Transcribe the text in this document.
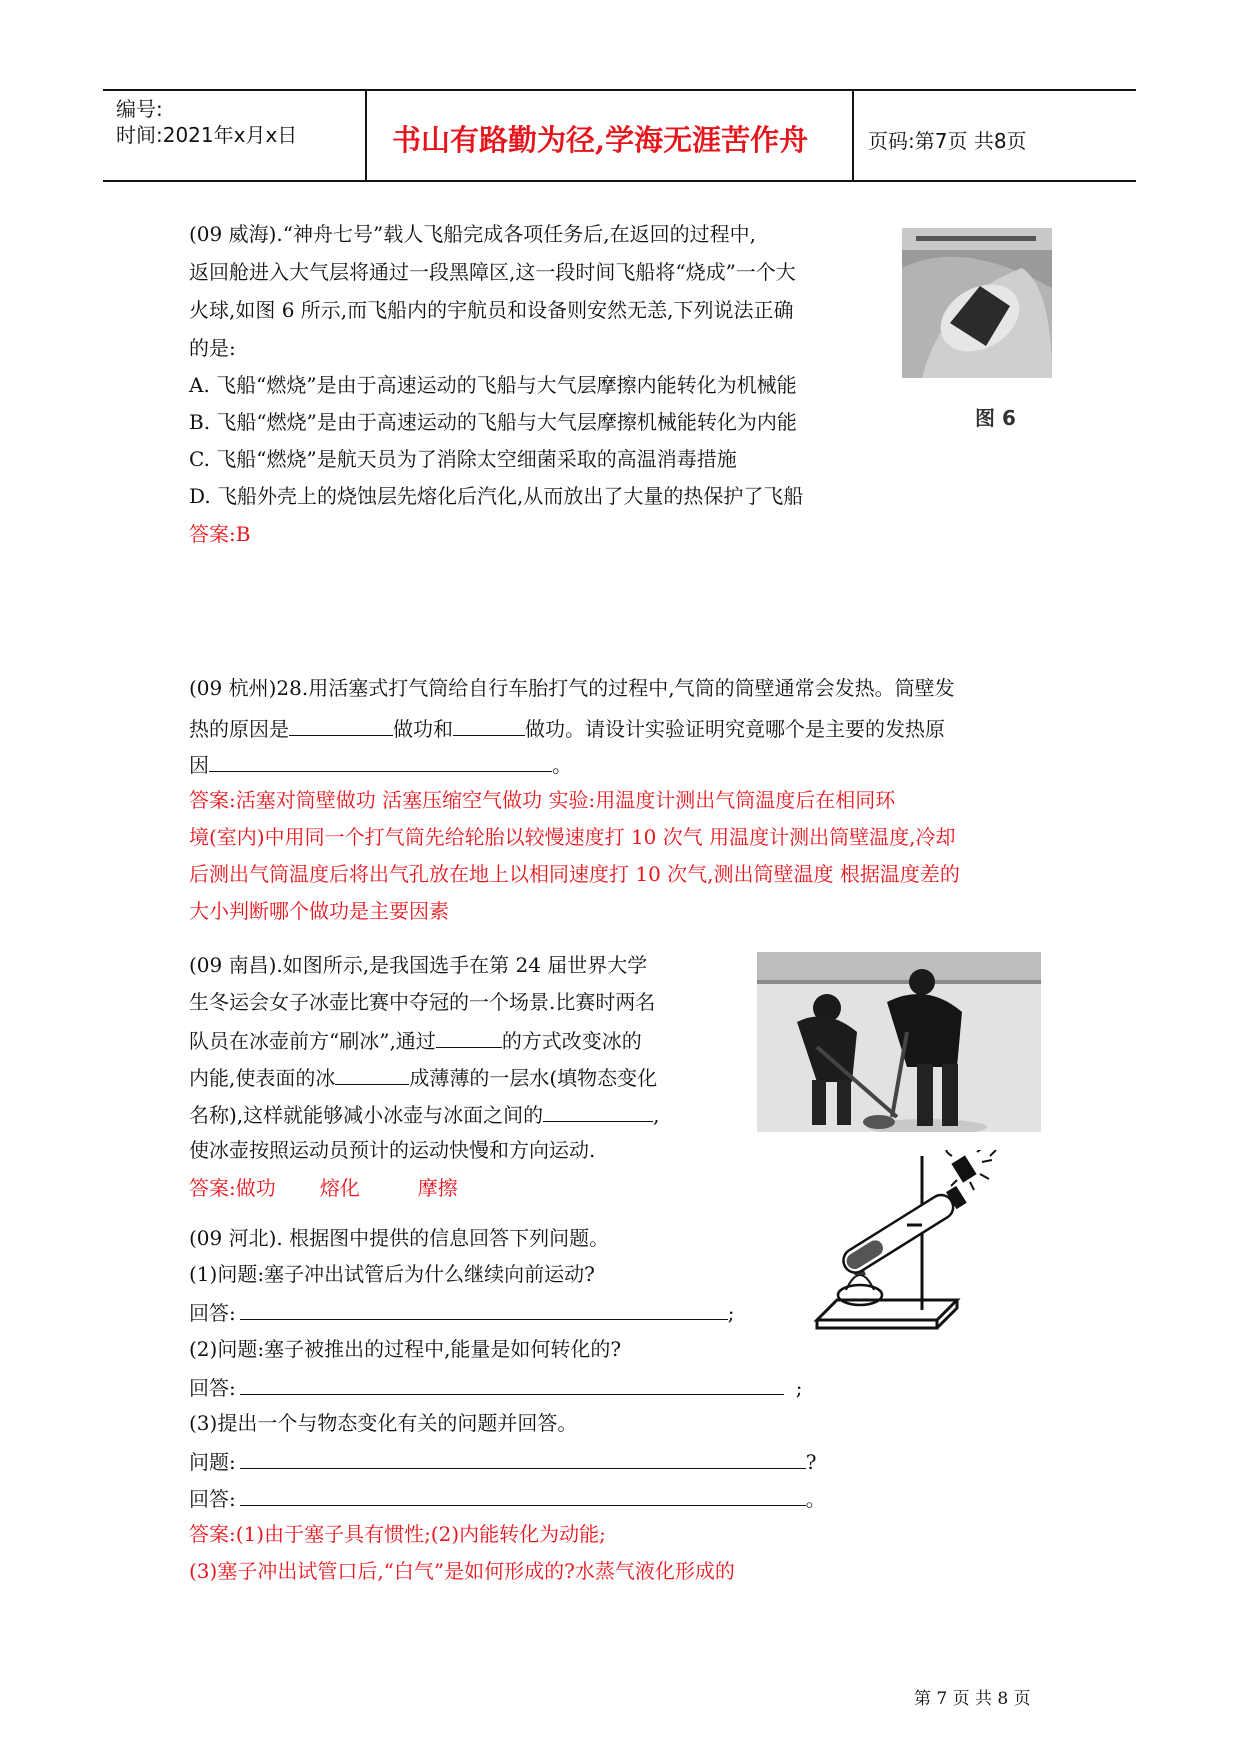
编号:
时间:2021年x月x日	书山有路勤为径,学海无涯苦作舟	页码:第7页 共8页
(09 威海).“神舟七号”载人飞船完成各项任务后,在返回的过程中,
返回舱进入大气层将通过一段黑障区,这一段时间飞船将“烧成”一个大
火球,如图 6 所示,而飞船内的宇航员和设备则安然无恙,下列说法正确
的是:
A. 飞船“燃烧”是由于高速运动的飞船与大气层摩擦内能转化为机械能
B. 飞船“燃烧”是由于高速运动的飞船与大气层摩擦机械能转化为内能
C. 飞船“燃烧”是航天员为了消除太空细菌采取的高温消毒措施
D. 飞船外壳上的烧蚀层先熔化后汽化,从而放出了大量的热保护了飞船
答案:B
图 6
(09 杭州)28.用活塞式打气筒给自行车胎打气的过程中,气筒的筒壁通常会发热。筒壁发
热的原因是	做功和	做功。请设计实验证明究竟哪个是主要的发热原
因	。
答案:活塞对筒壁做功 活塞压缩空气做功 实验:用温度计测出气筒温度后在相同环
境(室内)中用同一个打气筒先给轮胎以较慢速度打 10 次气 用温度计测出筒壁温度,冷却
后测出气筒温度后将出气孔放在地上以相同速度打 10 次气,测出筒壁温度 根据温度差的
大小判断哪个做功是主要因素
(09 南昌).如图所示,是我国选手在第 24 届世界大学
生冬运会女子冰壶比赛中夺冠的一个场景.比赛时两名
队员在冰壶前方“刷冰”,通过	的方式改变冰的
内能,使表面的冰	成薄薄的一层水(填物态变化
名称),这样就能够减小冰壶与冰面之间的	,
使冰壶按照运动员预计的运动快慢和方向运动.
答案:做功 熔化	摩擦
(09 河北). 根据图中提供的信息回答下列问题。
(1)问题:塞子冲出试管后为什么继续向前运动?
回答:	;
(2)问题:塞子被推出的过程中,能量是如何转化的?
回答:	;
(3)提出一个与物态变化有关的问题并回答。
问题:	?
回答:	。
答案:(1)由于塞子具有惯性;(2)内能转化为动能;
(3)塞子冲出试管口后,“白气”是如何形成的?水蒸气液化形成的
第 7 页 共 8 页
